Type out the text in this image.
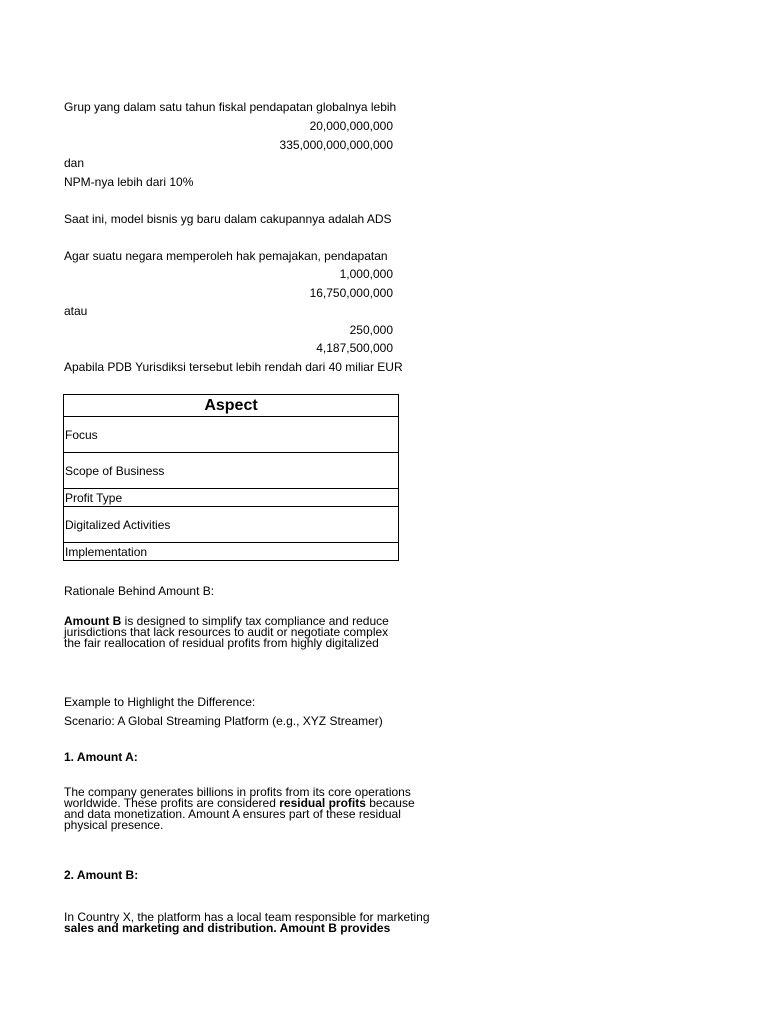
Grup yang dalam satu tahun fiskal pendapatan globalnya lebih
20,000,000,000
335,000,000,000,000
dan
NPM-nya lebih dari 10%
Saat ini, model bisnis yg baru dalam cakupannya adalah ADS
Agar suatu negara memperoleh hak pemajakan, pendapatan
1,000,000
16,750,000,000
atau
250,000
4,187,500,000
Apabila PDB Yurisdiksi tersebut lebih rendah dari 40 miliar EUR
Aspect
Focus
Scope of Business
Profit Type
Digitalized Activities
Implementation
Rationale Behind Amount B:
Amount B is designed to simplify tax compliance and reduce
jurisdictions that lack resources to audit or negotiate complex
the fair reallocation of residual profits from highly digitalized
Example to Highlight the Difference:
Scenario: A Global Streaming Platform (e.g., XYZ Streamer)
1. Amount A:
The company generates billions in profits from its core operations
worldwide. These profits are considered residual profits because
and data monetization. Amount A ensures part of these residual
physical presence.
2. Amount B:
In Country X, the platform has a local team responsible for marketing
sales and marketing and distribution. Amount B provides
